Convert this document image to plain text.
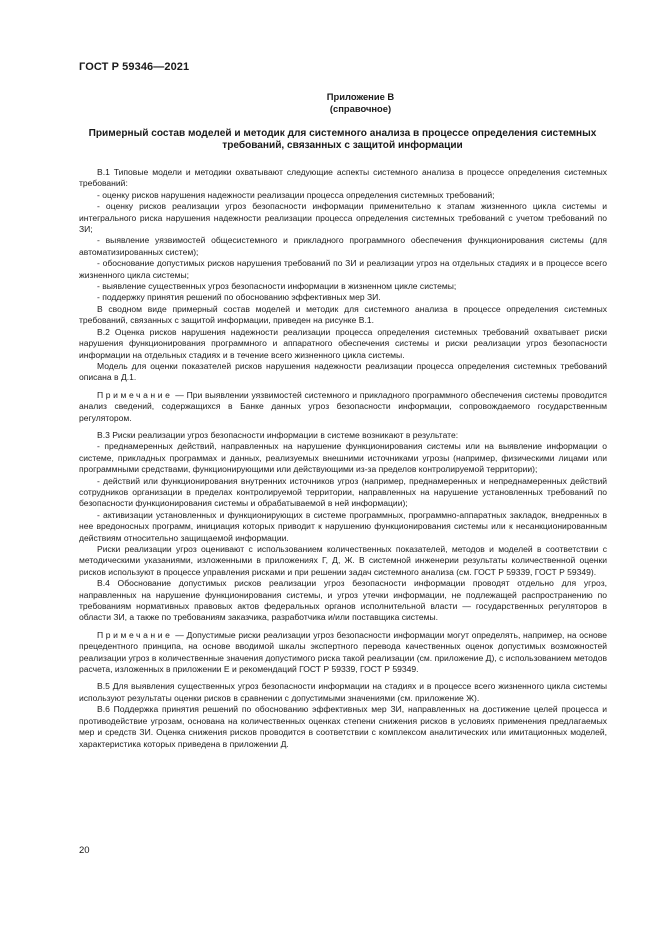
ГОСТ Р 59346—2021
Приложение В
(справочное)
Примерный состав моделей и методик для системного анализа в процессе определения системных требований, связанных с защитой информации

В.1 Типовые модели и методики охватывают следующие аспекты системного анализа в процессе определения системных требований:

- оценку рисков нарушения надежности реализации процесса определения системных требований;

- оценку рисков реализации угроз безопасности информации применительно к этапам жизненного цикла системы и интегрального риска нарушения надежности реализации процесса определения системных требований с учетом требований по ЗИ;

- выявление уязвимостей общесистемного и прикладного программного обеспечения функционирования системы (для автоматизированных систем);

- обоснование допустимых рисков нарушения требований по ЗИ и реализации угроз на отдельных стадиях и в процессе всего жизненного цикла системы;

- выявление существенных угроз безопасности информации в жизненном цикле системы;

- поддержку принятия решений по обоснованию эффективных мер ЗИ.

В сводном виде примерный состав моделей и методик для системного анализа в процессе определения системных требований, связанных с защитой информации, приведен на рисунке В.1.

В.2 Оценка рисков нарушения надежности реализации процесса определения системных требований охватывает риски нарушения функционирования программного и аппаратного обеспечения системы и риски реализации угроз безопасности информации на отдельных стадиях и в течение всего жизненного цикла системы.

Модель для оценки показателей рисков нарушения надежности реализации процесса определения системных требований описана в Д.1.

Примечание — При выявлении уязвимостей системного и прикладного программного обеспечения системы проводится анализ сведений, содержащихся в Банке данных угроз безопасности информации, сопровождаемого государственным регулятором.

В.3 Риски реализации угроз безопасности информации в системе возникают в результате:

- преднамеренных действий, направленных на нарушение функционирования системы или на выявление информации о системе, прикладных программах и данных, реализуемых внешними источниками угрозы (например, физическими лицами или программными средствами, функционирующими или действующими из-за пределов контролируемой территории);

- действий или функционирования внутренних источников угроз (например, преднамеренных и непреднамеренных действий сотрудников организации в пределах контролируемой территории, направленных на нарушение установленных требований по безопасности функционирования системы и обрабатываемой в ней информации);

- активизации установленных и функционирующих в системе программных, программно-аппаратных закладок, внедренных в нее вредоносных программ, инициация которых приводит к нарушению функционирования системы или к несанкционированным действиям относительно защищаемой информации.

Риски реализации угроз оценивают с использованием количественных показателей, методов и моделей в соответствии с методическими указаниями, изложенными в приложениях Г, Д, Ж. В системной инженерии результаты количественной оценки рисков используют в процессе управления рисками и при решении задач системного анализа (см. ГОСТ Р 59339, ГОСТ Р 59349).

В.4 Обоснование допустимых рисков реализации угроз безопасности информации проводят отдельно для угроз, направленных на нарушение функционирования системы, и угроз утечки информации, не подлежащей распространению по требованиям нормативных правовых актов федеральных органов исполнительной власти — государственных регуляторов в области ЗИ, а также по требованиям заказчика, разработчика и/или поставщика системы.

Примечание — Допустимые риски реализации угроз безопасности информации могут определять, например, на основе прецедентного принципа, на основе вводимой шкалы экспертного перевода качественных оценок допустимых возможностей реализации угроз в количественные значения допустимого риска такой реализации (см. приложение Д), с использованием методов расчета, изложенных в приложении Е и рекомендаций ГОСТ Р 59339, ГОСТ Р 59349.

В.5 Для выявления существенных угроз безопасности информации на стадиях и в процессе всего жизненного цикла системы используют результаты оценки рисков в сравнении с допустимыми значениями (см. приложение Ж).

В.6 Поддержка принятия решений по обоснованию эффективных мер ЗИ, направленных на достижение целей процесса и противодействие угрозам, основана на количественных оценках степени снижения рисков в условиях применения предлагаемых мер и средств ЗИ. Оценка снижения рисков проводится в соответствии с комплексом аналитических или имитационных моделей, характеристика которых приведена в приложении Д.

20
